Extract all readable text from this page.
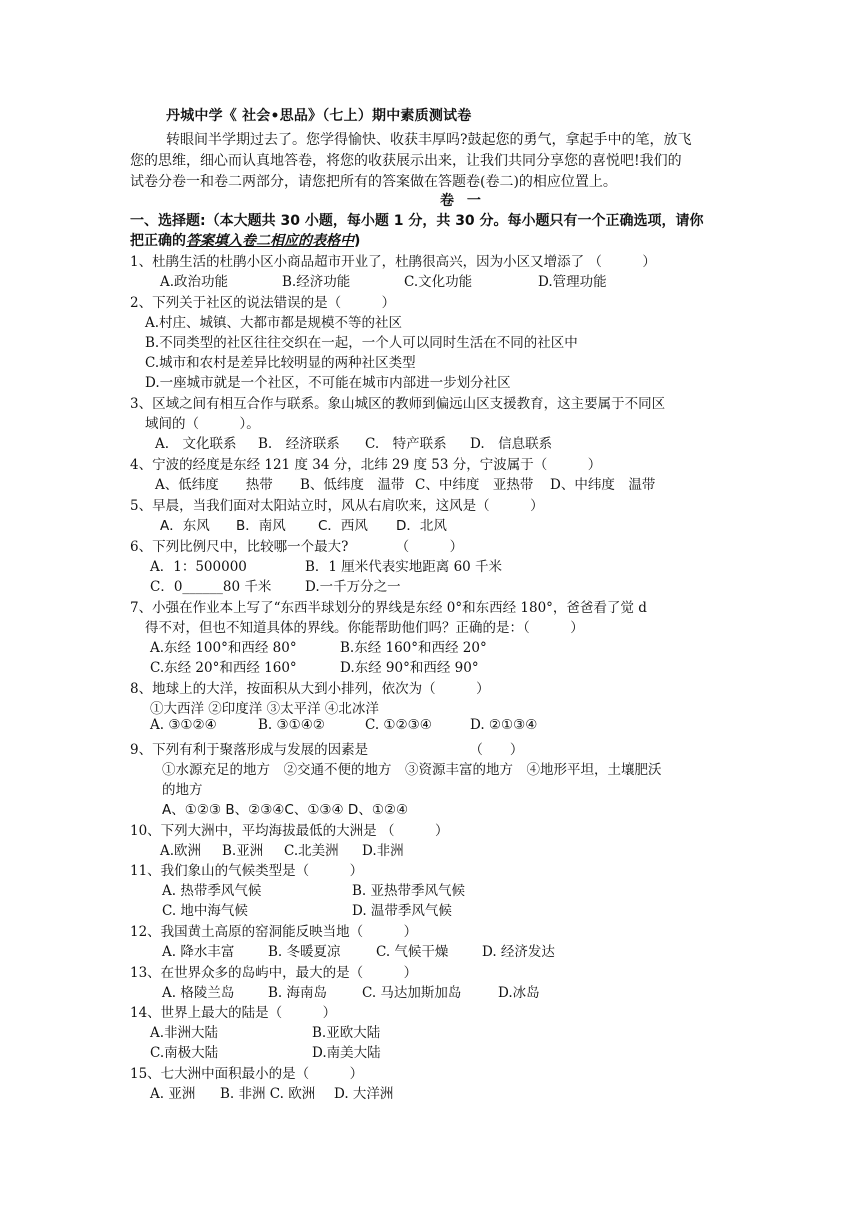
丹城中学《 社会•思品》（七上）期中素质测试卷
转眼间半学期过去了。您学得愉快、收获丰厚吗?鼓起您的勇气，拿起手中的笔，放飞
您的思维，细心而认真地答卷，将您的收获展示出来，让我们共同分享您的喜悦吧!我们的
试卷分卷一和卷二两部分，请您把所有的答案做在答题卷(卷二)的相应位置上。
卷 一
一、选择题:（本大题共 30 小题，每小题 1 分，共 30 分。每小题只有一个正确选项，请你
把正确的答案填入卷二相应的表格中)
1、杜鹃生活的杜鹃小区小商品超市开业了，杜鹃很高兴，因为小区又增添了 （　　　）
A.政治功能	B.经济功能	C.文化功能	D.管理功能
2、下列关于社区的说法错误的是（　　　）
A.村庄、城镇、大都市都是规模不等的社区
B.不同类型的社区往往交织在一起，一个人可以同时生活在不同的社区中
C.城市和农村是差异比较明显的两种社区类型
D.一座城市就是一个社区，不可能在城市内部进一步划分社区
3、区域之间有相互合作与联系。象山城区的教师到偏远山区支援教育，这主要属于不同区
域间的（　　　）。
A.　文化联系 B.　经济联系 C.　特产联系 D.　信息联系
4、宁波的经度是东经 121 度 34 分，北纬 29 度 53 分，宁波属于（　　　）
A、低纬度　　热带 B、低纬度　温带 C、中纬度　亚热带 D、中纬度　温带
5、早晨，当我们面对太阳站立时，风从右肩吹来，这风是（　　　）
A．东风 B．南风 C．西风 D．北风
6、下列比例尺中，比较哪一个最大?　　　　（　　　）
A．1：500000	B．1 厘米代表实地距离 60 千米
C．0______80 千米 D.一千万分之一
7、小强在作业本上写了“东西半球划分的界线是东经 0°和东西经 180°，爸爸看了觉 d
得不对，但也不知道具体的界线。你能帮助他们吗？正确的是：（　　　）
A.东经 100°和西经 80°	B.东经 160°和西经 20°
C.东经 20°和西经 160°	D.东经 90°和西经 90°
8、地球上的大洋，按面积从大到小排列，依次为（　　　）
①大西洋 ②印度洋 ③太平洋 ④北冰洋
A. ③①②④	B. ③①④②	C. ①②③④	D. ②①③④
9、下列有利于聚落形成与发展的因素是　　　　　　　　（　　）
①水源充足的地方　②交通不便的地方　③资源丰富的地方　④地形平坦，土壤肥沃
的地方
A、①②③ B、②③④C、①③④ D、①②④
10、下列大洲中，平均海拔最低的大洲是 （　　　）
A.欧洲 B.亚洲 C.北美洲 D.非洲
11、我们象山的气候类型是（　　　）
A. 热带季风气候	B. 亚热带季风气候
C. 地中海气候	D. 温带季风气候
12、我国黄土高原的窑洞能反映当地（　　　）
A. 降水丰富 B. 冬暖夏凉	C. 气候干燥 D. 经济发达
13、在世界众多的岛屿中，最大的是（　　　）
A. 格陵兰岛 B. 海南岛	C. 马达加斯加岛	D.冰岛
14、世界上最大的陆是（　　　）
A.非洲大陆	B.亚欧大陆
C.南极大陆	D.南美大陆
15、七大洲中面积最小的是（　　　）
A. 亚洲 B. 非洲 C. 欧洲 D. 大洋洲
